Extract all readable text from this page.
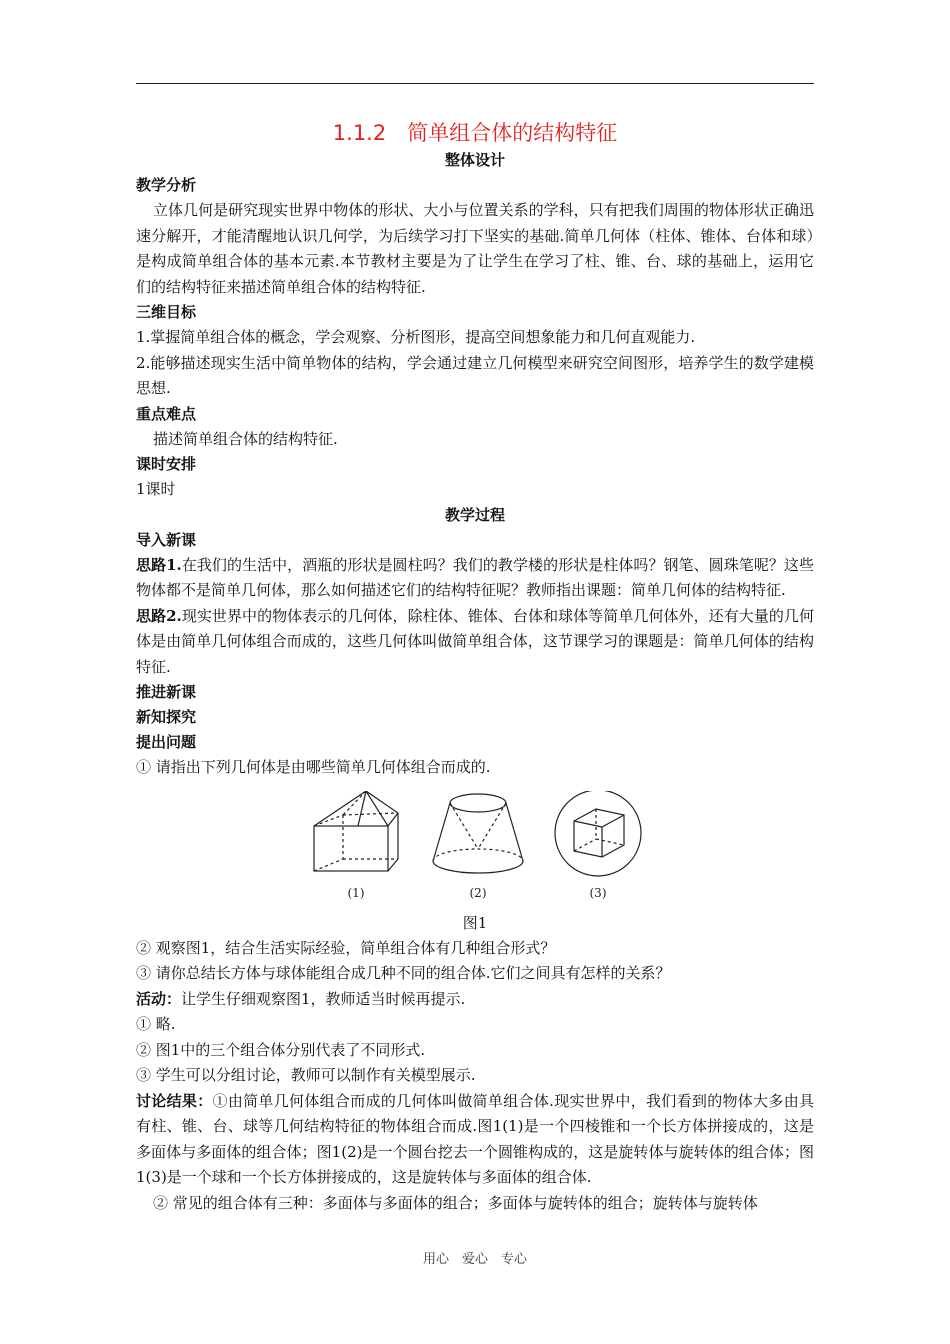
1.1.2　简单组合体的结构特征

整体设计

教学分析

立体几何是研究现实世界中物体的形状、大小与位置关系的学科，只有把我们周围的物体形状正确迅速分解开，才能清醒地认识几何学，为后续学习打下坚实的基础.简单几何体（柱体、锥体、台体和球）是构成简单组合体的基本元素.本节教材主要是为了让学生在学习了柱、锥、台、球的基础上，运用它们的结构特征来描述简单组合体的结构特征.

三维目标

1.掌握简单组合体的概念，学会观察、分析图形，提高空间想象能力和几何直观能力.

2.能够描述现实生活中简单物体的结构，学会通过建立几何模型来研究空间图形，培养学生的数学建模思想.

重点难点

描述简单组合体的结构特征.

课时安排

1课时

教学过程

导入新课

思路1.在我们的生活中，酒瓶的形状是圆柱吗？我们的教学楼的形状是柱体吗？钢笔、圆珠笔呢？这些物体都不是简单几何体，那么如何描述它们的结构特征呢？教师指出课题：简单几何体的结构特征.

思路2.现实世界中的物体表示的几何体，除柱体、锥体、台体和球体等简单几何体外，还有大量的几何体是由简单几何体组合而成的，这些几何体叫做简单组合体，这节课学习的课题是：简单几何体的结构特征.

推进新课

新知探究

提出问题

① 请指出下列几何体是由哪些简单几何体组合而成的.

(1)	(2)	(3)

图1

② 观察图1，结合生活实际经验，简单组合体有几种组合形式？

③ 请你总结长方体与球体能组合成几种不同的组合体.它们之间具有怎样的关系？

活动：让学生仔细观察图1，教师适当时候再提示.

① 略.

② 图1中的三个组合体分别代表了不同形式.

③ 学生可以分组讨论，教师可以制作有关模型展示.

讨论结果：①由简单几何体组合而成的几何体叫做简单组合体.现实世界中，我们看到的物体大多由具有柱、锥、台、球等几何结构特征的物体组合而成.图1(1)是一个四棱锥和一个长方体拼接成的，这是多面体与多面体的组合体；图1(2)是一个圆台挖去一个圆锥构成的，这是旋转体与旋转体的组合体；图1(3)是一个球和一个长方体拼接成的，这是旋转体与多面体的组合体.

② 常见的组合体有三种：多面体与多面体的组合；多面体与旋转体的组合；旋转体与旋转体

用心　爱心　专心
